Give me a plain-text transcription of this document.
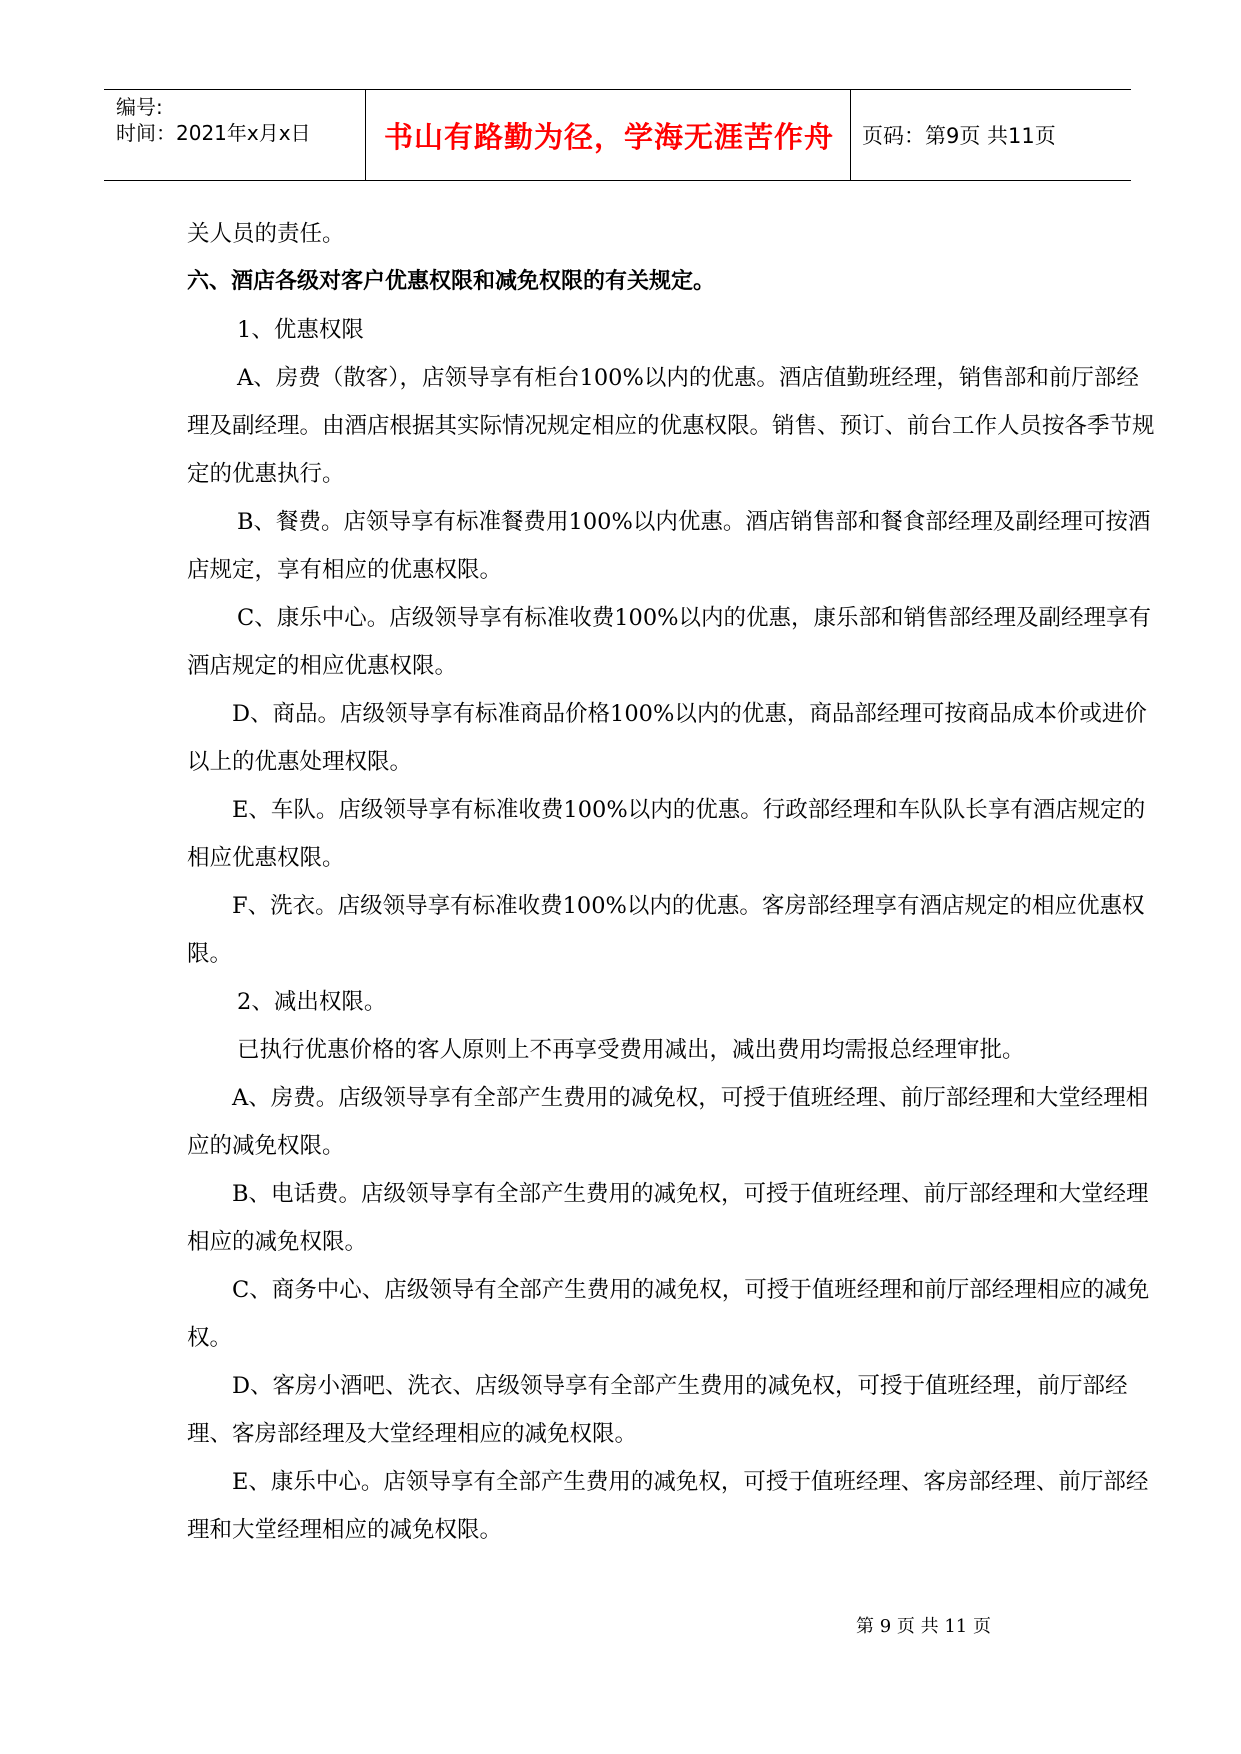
编号:
时间：2021年x月x日	书山有路勤为径，学海无涯苦作舟	页码：第9页 共11页

关人员的责任。

六、酒店各级对客户优惠权限和减免权限的有关规定。

1、优惠权限

A、房费（散客），店领导享有柜台100%以内的优惠。酒店值勤班经理，销售部和前厅部经理及副经理。由酒店根据其实际情况规定相应的优惠权限。销售、预订、前台工作人员按各季节规定的优惠执行。

B、餐费。店领导享有标准餐费用100%以内优惠。酒店销售部和餐食部经理及副经理可按酒店规定，享有相应的优惠权限。

C、康乐中心。店级领导享有标准收费100%以内的优惠，康乐部和销售部经理及副经理享有酒店规定的相应优惠权限。

D、商品。店级领导享有标准商品价格100%以内的优惠，商品部经理可按商品成本价或进价以上的优惠处理权限。

E、车队。店级领导享有标准收费100%以内的优惠。行政部经理和车队队长享有酒店规定的相应优惠权限。

F、洗衣。店级领导享有标准收费100%以内的优惠。客房部经理享有酒店规定的相应优惠权限。

2、减出权限。

已执行优惠价格的客人原则上不再享受费用减出，减出费用均需报总经理审批。

A、房费。店级领导享有全部产生费用的减免权，可授于值班经理、前厅部经理和大堂经理相应的减免权限。

B、电话费。店级领导享有全部产生费用的减免权，可授于值班经理、前厅部经理和大堂经理相应的减免权限。

C、商务中心、店级领导有全部产生费用的减免权，可授于值班经理和前厅部经理相应的减免权。

D、客房小酒吧、洗衣、店级领导享有全部产生费用的减免权，可授于值班经理，前厅部经理、客房部经理及大堂经理相应的减免权限。

E、康乐中心。店领导享有全部产生费用的减免权，可授于值班经理、客房部经理、前厅部经理和大堂经理相应的减免权限。

第 9 页 共 11 页
